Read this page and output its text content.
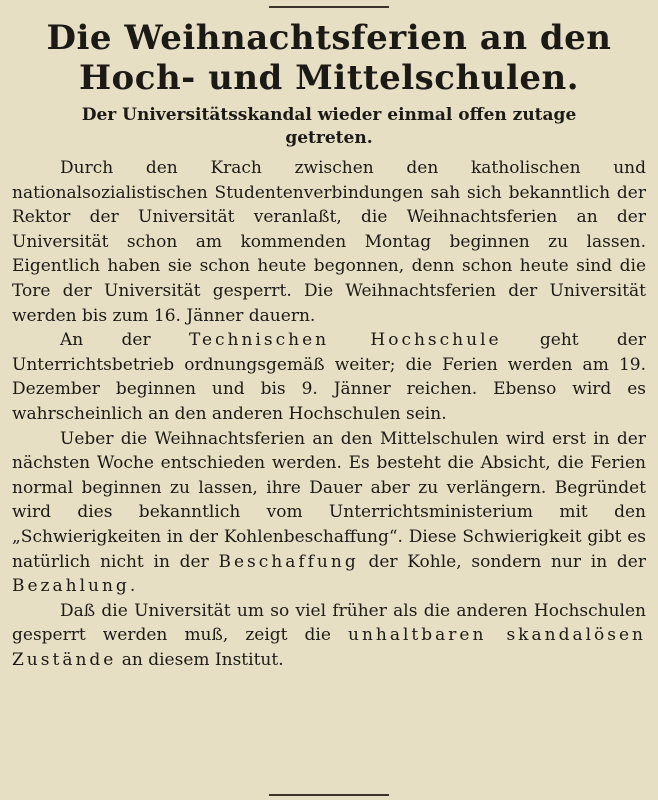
Die Weihnachtsferien an den Hoch- und Mittelschulen.
Der Universitätsskandal wieder einmal offen zutage getreten.

Durch den Krach zwischen den katholischen und nationalsozialistischen Studentenverbindungen sah sich bekanntlich der Rektor der Universität veranlaßt, die Weihnachtsferien an der Universität schon am kommenden Montag beginnen zu lassen. Eigentlich haben sie schon heute begonnen, denn schon heute sind die Tore der Universität gesperrt. Die Weihnachtsferien der Universität werden bis zum 16. Jänner dauern.

An der Technischen Hochschule geht der Unterrichtsbetrieb ordnungsgemäß weiter; die Ferien werden am 19. Dezember beginnen und bis 9. Jänner reichen. Ebenso wird es wahrscheinlich an den anderen Hochschulen sein.

Ueber die Weihnachtsferien an den Mittelschulen wird erst in der nächsten Woche entschieden werden. Es besteht die Absicht, die Ferien normal beginnen zu lassen, ihre Dauer aber zu verlängern. Begründet wird dies bekanntlich vom Unterrichtsministerium mit den „Schwierigkeiten in der Kohlenbeschaffung“. Diese Schwierigkeit gibt es natürlich nicht in der Beschaffung der Kohle, sondern nur in der Bezahlung.

Daß die Universität um so viel früher als die anderen Hochschulen gesperrt werden muß, zeigt die unhaltbaren skandalösen Zustände an diesem Institut.
